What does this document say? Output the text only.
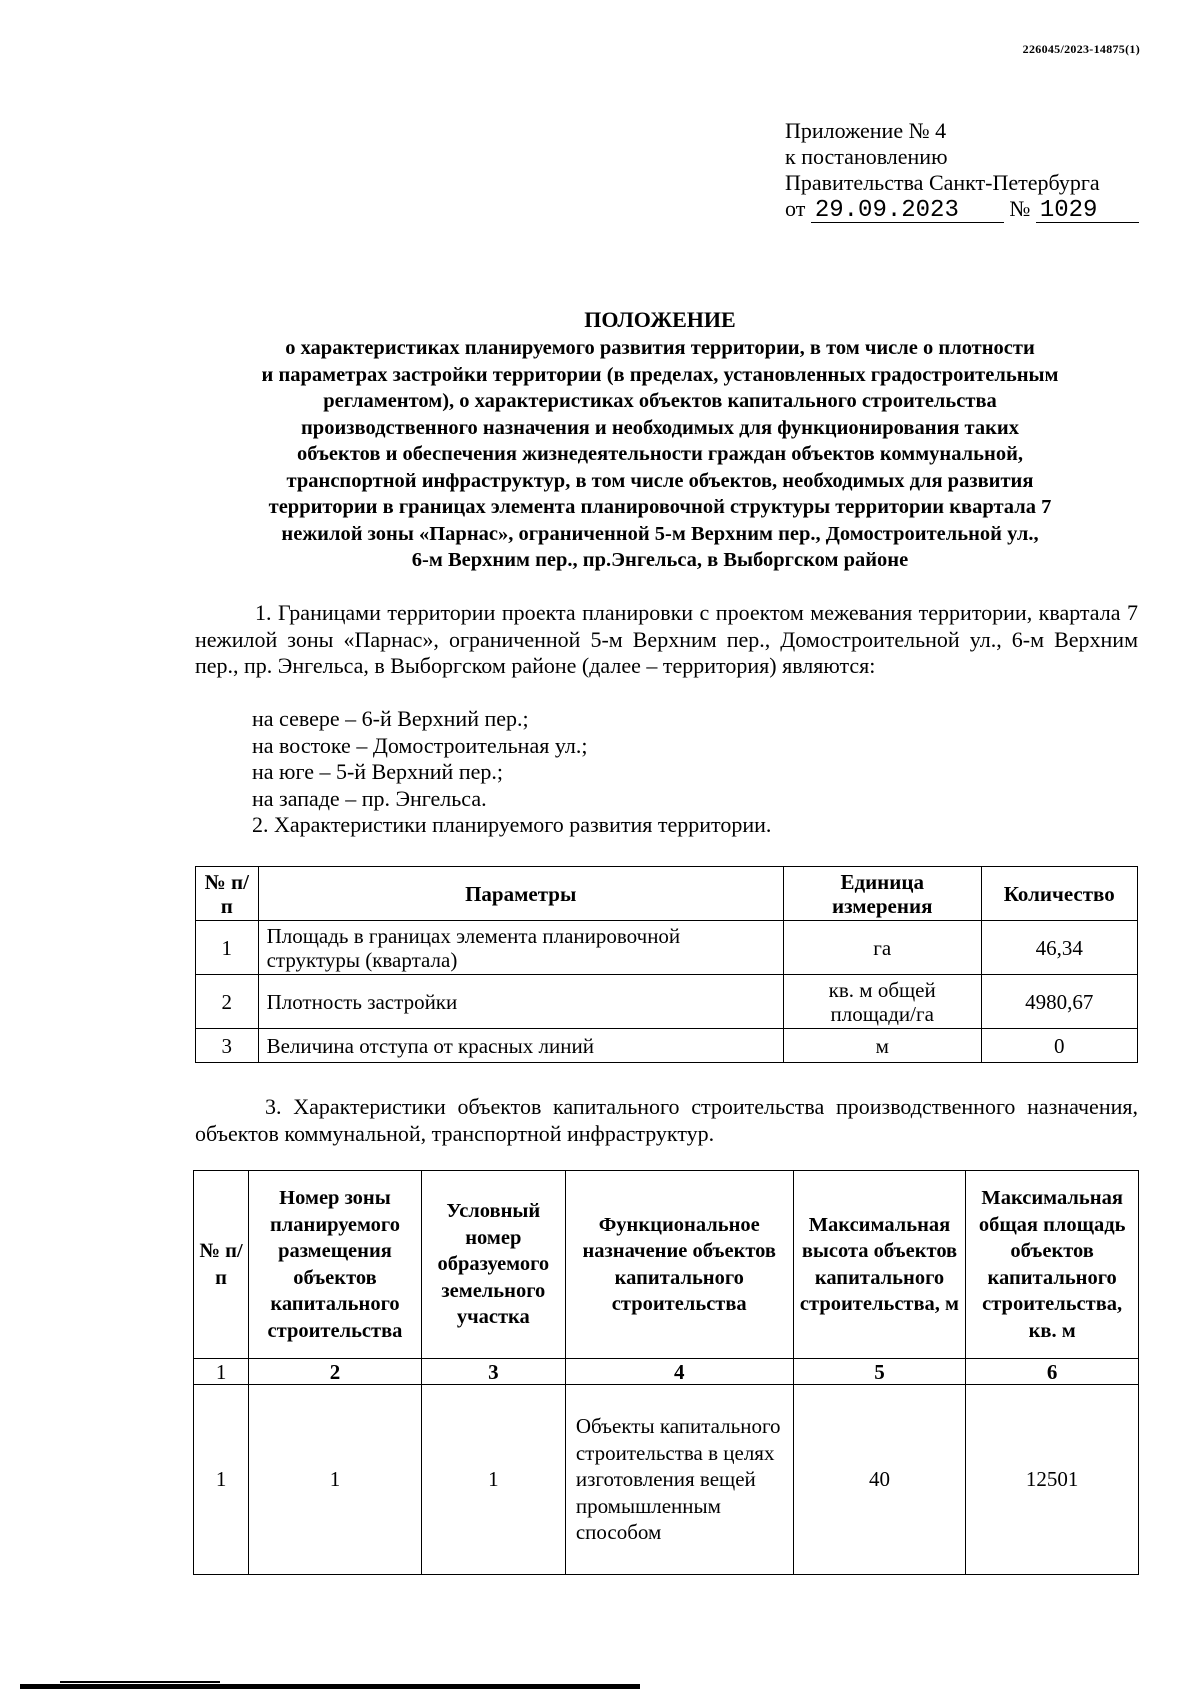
226045/2023-14875(1)
Приложение № 4
к постановлению
Правительства Санкт-Петербурга
от 29.09.2023 № 1029
ПОЛОЖЕНИЕ
о характеристиках планируемого развития территории, в том числе о плотности
и параметрах застройки территории (в пределах, установленных градостроительным
регламентом), о характеристиках объектов капитального строительства
производственного назначения и необходимых для функционирования таких
объектов и обеспечения жизнедеятельности граждан объектов коммунальной,
транспортной инфраструктур, в том числе объектов, необходимых для развития
территории в границах элемента планировочной структуры территории квартала 7
нежилой зоны «Парнас», ограниченной 5-м Верхним пер., Домостроительной ул.,
6-м Верхним пер., пр.Энгельса, в Выборгском районе
1. Границами территории проекта планировки с проектом межевания территории, квартала 7 нежилой зоны «Парнас», ограниченной 5-м Верхним пер., Домостроительной ул., 6-м Верхним пер., пр. Энгельса, в Выборгском районе (далее – территория) являются:
на севере – 6-й Верхний пер.;
на востоке – Домостроительная ул.;
на юге – 5-й Верхний пер.;
на западе – пр. Энгельса.
2. Характеристики планируемого развития территории.
№ п/п	Параметры	Единица измерения	Количество
1	Площадь в границах элемента планировочной структуры (квартала)	га	46,34
2	Плотность застройки	кв. м общей площади/га	4980,67
3	Величина отступа от красных линий	м	0
3. Характеристики объектов капитального строительства производственного назначения, объектов коммунальной, транспортной инфраструктур.
№ п/п	Номер зоны планируемого размещения объектов капитального строительства	Условный номер образуемого земельного участка	Функциональное назначение объектов капитального строительства	Максимальная высота объектов капитального строительства, м	Максимальная общая площадь объектов капитального строительства, кв. м
1	2	3	4	5	6
1	1	1	Объекты капитального строительства в целях изготовления вещей промышленным способом	40	12501
